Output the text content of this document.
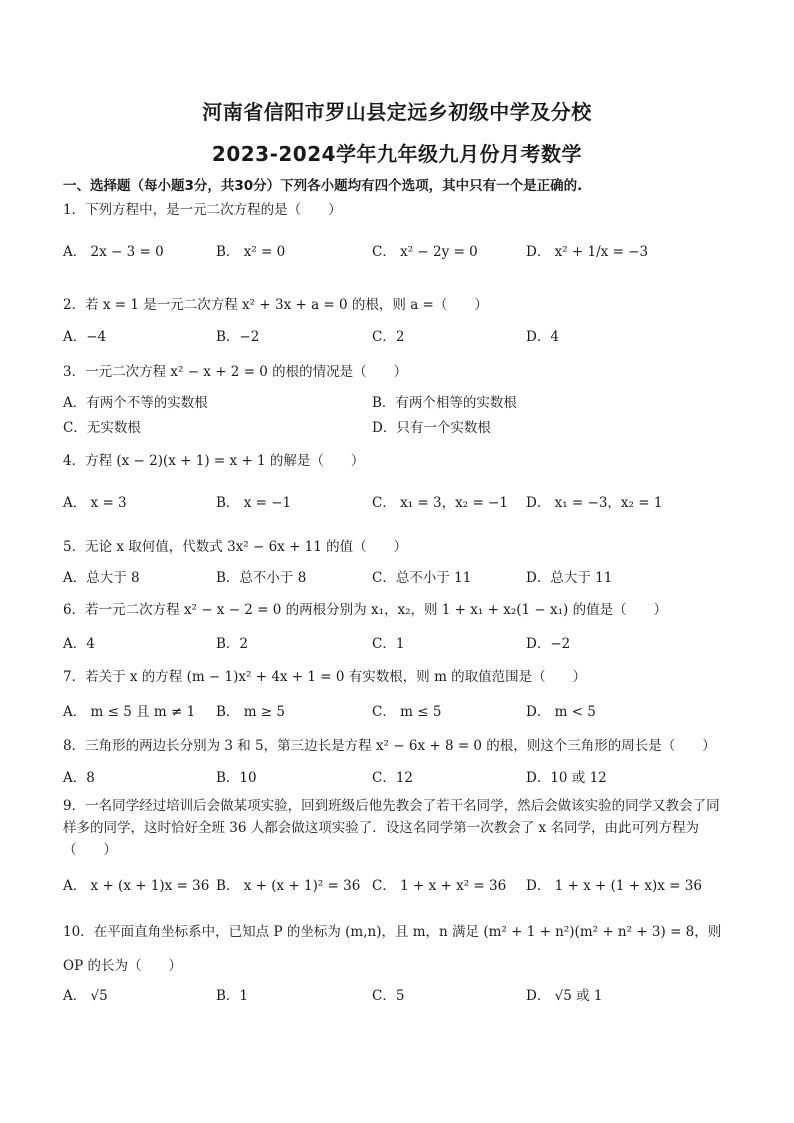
河南省信阳市罗山县定远乡初级中学及分校
2023-2024学年九年级九月份月考数学
一、选择题（每小题3分，共30分）下列各小题均有四个选项，其中只有一个是正确的.
1．下列方程中，是一元二次方程的是（　　）
A． 2x − 3 = 0	B． x² = 0	C． x² − 2y = 0	D． x² + 1/x = −3
2．若 x = 1 是一元二次方程 x² + 3x + a = 0 的根，则 a =（　　）
A．−4	B．−2	C．2	D．4
3．一元二次方程 x² − x + 2 = 0 的根的情况是（　　）
A．有两个不等的实数根	B．有两个相等的实数根
C．无实数根	D．只有一个实数根
4．方程 (x − 2)(x + 1) = x + 1 的解是（　　）
A． x = 3	B． x = −1	C． x₁ = 3，x₂ = −1 D． x₁ = −3，x₂ = 1
5．无论 x 取何值，代数式 3x² − 6x + 11 的值（　　）
A．总大于 8	B．总不小于 8	C．总不小于 11	D．总大于 11
6．若一元二次方程 x² − x − 2 = 0 的两根分别为 x₁，x₂，则 1 + x₁ + x₂(1 − x₁) 的值是（　　）
A．4	B．2	C．1	D．−2
7．若关于 x 的方程 (m − 1)x² + 4x + 1 = 0 有实数根，则 m 的取值范围是（　　）
A． m ≤ 5 且 m ≠ 1 B． m ≥ 5	C． m ≤ 5	D． m < 5
8．三角形的两边长分别为 3 和 5，第三边长是方程 x² − 6x + 8 = 0 的根，则这个三角形的周长是（　　）
A．8	B．10	C．12	D．10 或 12
9．一名同学经过培训后会做某项实验，回到班级后他先教会了若干名同学，然后会做该实验的同学又教会了同样多的同学，这时恰好全班 36 人都会做这项实验了．设这名同学第一次教会了 x 名同学，由此可列方程为（　　）
A． x + (x + 1)x = 36 B． x + (x + 1)² = 36 C． 1 + x + x² = 36 D． 1 + x + (1 + x)x = 36
10．在平面直角坐标系中，已知点 P 的坐标为 (m,n)，且 m，n 满足 (m² + 1 + n²)(m² + n² + 3) = 8，则 OP 的长为（　　）
A． √5	B．1	C．5	D． √5 或 1
